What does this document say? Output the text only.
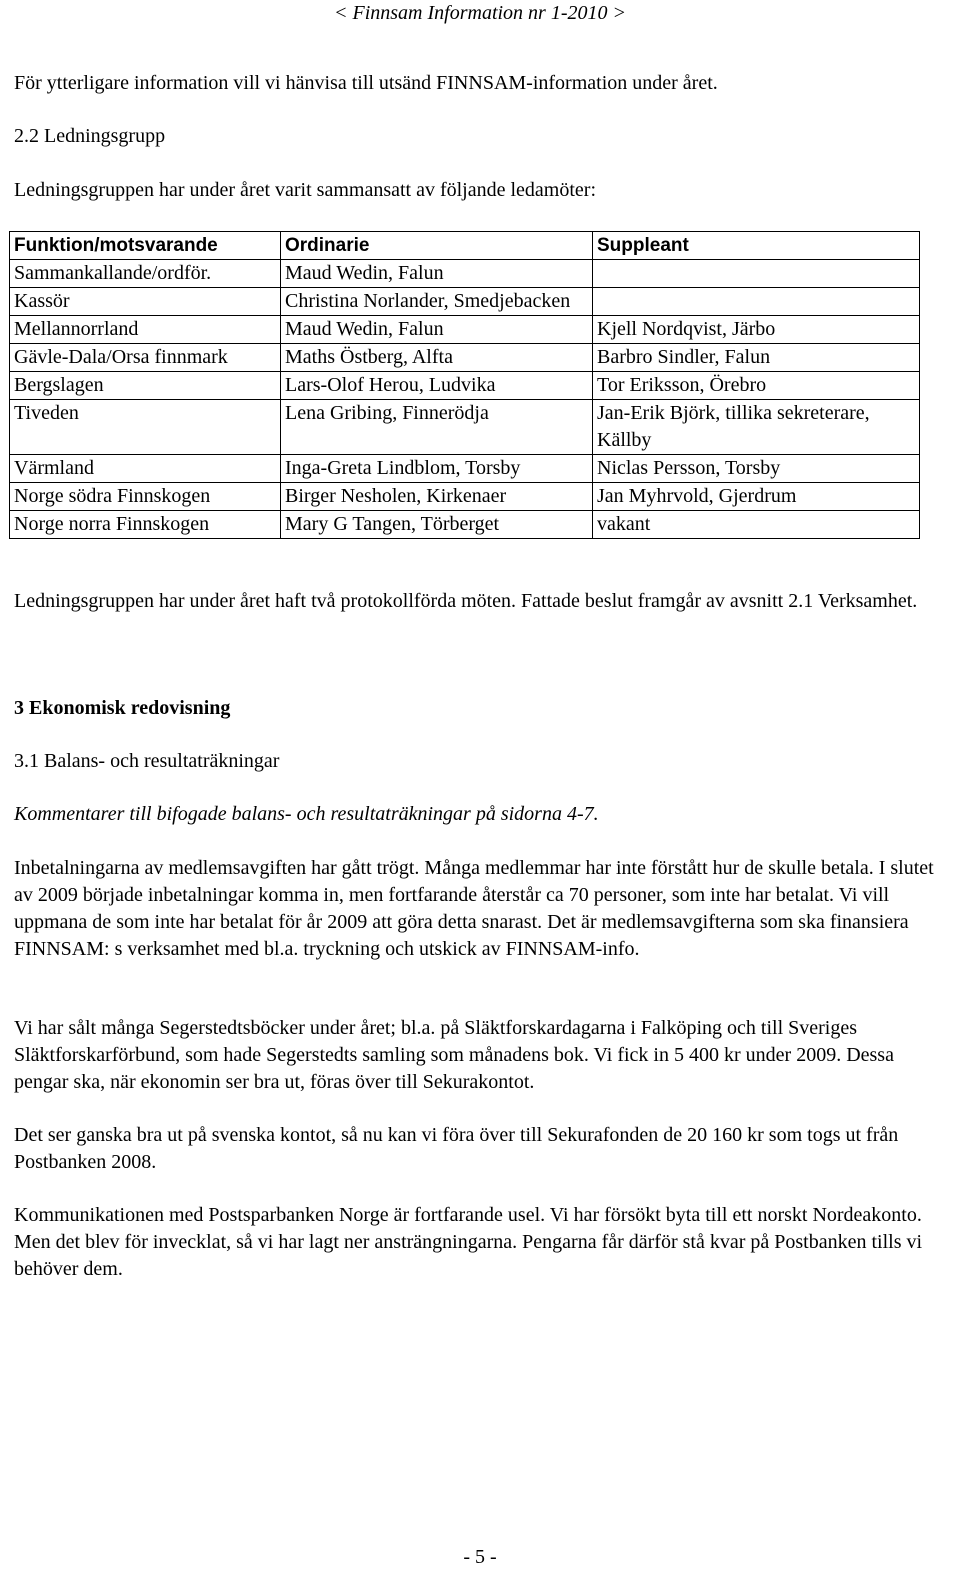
< Finnsam Information nr 1-2010 >

För ytterligare information vill vi hänvisa till utsänd FINNSAM-information under året.

2.2 Ledningsgrupp

Ledningsgruppen har under året varit sammansatt av följande ledamöter:

Funktion/motsvarande	Ordinarie	Suppleant
Sammankallande/ordför.	Maud Wedin, Falun	
Kassör	Christina Norlander, Smedjebacken	
Mellannorrland	Maud Wedin, Falun	Kjell Nordqvist, Järbo
Gävle-Dala/Orsa finnmark	Maths Östberg, Alfta	Barbro Sindler, Falun
Bergslagen	Lars-Olof Herou, Ludvika	Tor Eriksson, Örebro
Tiveden	Lena Gribing, Finnerödja	Jan-Erik Björk, tillika sekreterare, Källby
Värmland	Inga-Greta Lindblom, Torsby	Niclas Persson, Torsby
Norge södra Finnskogen	Birger Nesholen, Kirkenaer	Jan Myhrvold, Gjerdrum
Norge norra Finnskogen	Mary G Tangen, Törberget	vakant

Ledningsgruppen har under året haft två protokollförda möten. Fattade beslut framgår av avsnitt 2.1 Verksamhet.

3 Ekonomisk redovisning

3.1 Balans- och resultaträkningar

Kommentarer till bifogade balans- och resultaträkningar på sidorna 4-7.

Inbetalningarna av medlemsavgiften har gått trögt. Många medlemmar har inte förstått hur de skulle betala. I slutet av 2009 började inbetalningar komma in, men fortfarande återstår ca 70 personer, som inte har betalat. Vi vill uppmana de som inte har betalat för år 2009 att göra detta snarast. Det är medlemsavgifterna som ska finansiera FINNSAM: s verksamhet med bl.a. tryckning och utskick av FINNSAM-info.

Vi har sålt många Segerstedtsböcker under året; bl.a. på Släktforskardagarna i Falköping och till Sveriges Släktforskarförbund, som hade Segerstedts samling som månadens bok. Vi fick in 5 400 kr under 2009. Dessa pengar ska, när ekonomin ser bra ut, föras över till Sekurakontot.

Det ser ganska bra ut på svenska kontot, så nu kan vi föra över till Sekurafonden de 20 160 kr som togs ut från Postbanken 2008.

Kommunikationen med Postsparbanken Norge är fortfarande usel. Vi har försökt byta till ett norskt Nordeakonto. Men det blev för invecklat, så vi har lagt ner ansträngningarna. Pengarna får därför stå kvar på Postbanken tills vi behöver dem.

- 5 -
